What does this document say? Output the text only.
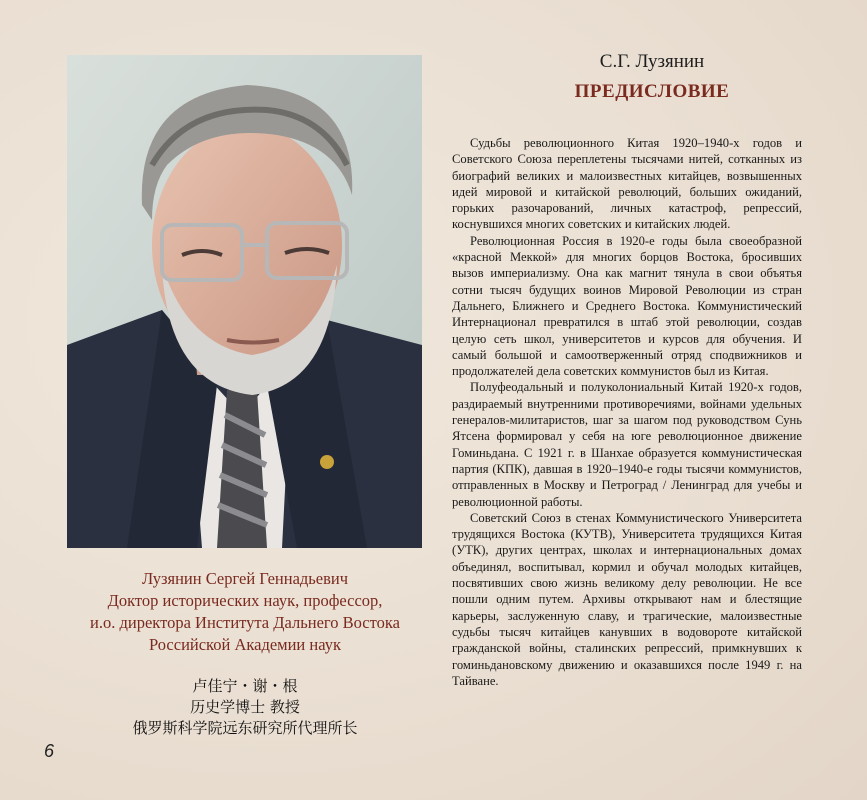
Лузянин Сергей Геннадьевич
Доктор исторических наук, профессор,
и.о. директора Института Дальнего Востока
Российской Академии наук
卢佳宁・谢・根
历史学博士 教授
俄罗斯科学院远东研究所代理所长
6
С.Г. Лузянин
ПРЕДИСЛОВИЕ

Судьбы революционного Китая 1920–1940-х годов и Советского Союза переплетены тысячами нитей, сотканных из биографий великих и малоизвестных китайцев, возвышенных идей мировой и китайской революций, больших ожиданий, горьких разочарований, личных катастроф, репрессий, коснувшихся многих советских и китайских людей.

Революционная Россия в 1920-е годы была своеобразной «красной Меккой» для многих борцов Востока, бросивших вызов империализму. Она как магнит тянула в свои объятья сотни тысяч будущих воинов Мировой Революции из стран Дальнего, Ближнего и Среднего Востока. Коммунистический Интернационал превратился в штаб этой революции, создав целую сеть школ, университетов и курсов для обучения. И самый большой и самоотверженный отряд сподвижников и продолжателей дела советских коммунистов был из Китая.

Полуфеодальный и полуколониальный Китай 1920-х годов, раздираемый внутренними противоречиями, войнами удельных генералов-милитаристов, шаг за шагом под руководством Сунь Ятсена формировал у себя на юге революционное движение Гоминьдана. С 1921 г. в Шанхае образуется коммунистическая партия (КПК), давшая в 1920–1940-е годы тысячи коммунистов, отправленных в Москву и Петроград / Ленинград для учебы и революционной работы.

Советский Союз в стенах Коммунистического Университета трудящихся Востока (КУТВ), Университета трудящихся Китая (УТК), других центрах, школах и интернациональных домах объединял, воспитывал, кормил и обучал молодых китайцев, посвятивших свою жизнь великому делу революции. Не все пошли одним путем. Архивы открывают нам и блестящие карьеры, заслуженную славу, и трагические, малоизвестные судьбы тысяч китайцев канувших в водовороте китайской гражданской войны, сталинских репрессий, примкнувших к гоминьдановскому движению и оказавшихся после 1949 г. на Тайване.
